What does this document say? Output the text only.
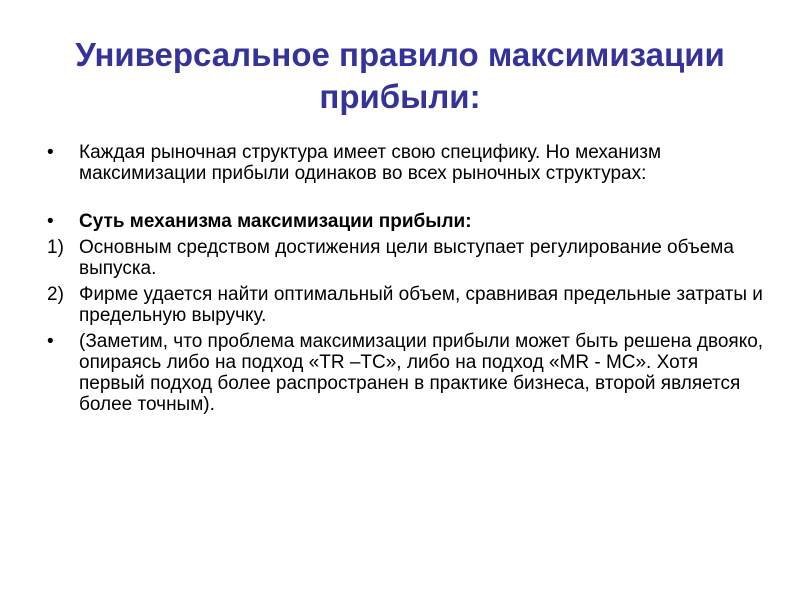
Универсальное правило максимизации прибыли:
•	Каждая рыночная структура имеет свою специфику. Но механизм максимизации прибыли одинаков во всех рыночных структурах:
•	Суть механизма максимизации прибыли:
1) Основным средством достижения цели выступает регулирование объема выпуска.
2) Фирме удается найти оптимальный объем, сравнивая предельные затраты и предельную выручку.
•	(Заметим, что проблема максимизации прибыли может быть решена двояко, опираясь либо на подход «TR –TC», либо на подход «MR - MC». Хотя первый подход более распространен в практике бизнеса, второй является более точным).
